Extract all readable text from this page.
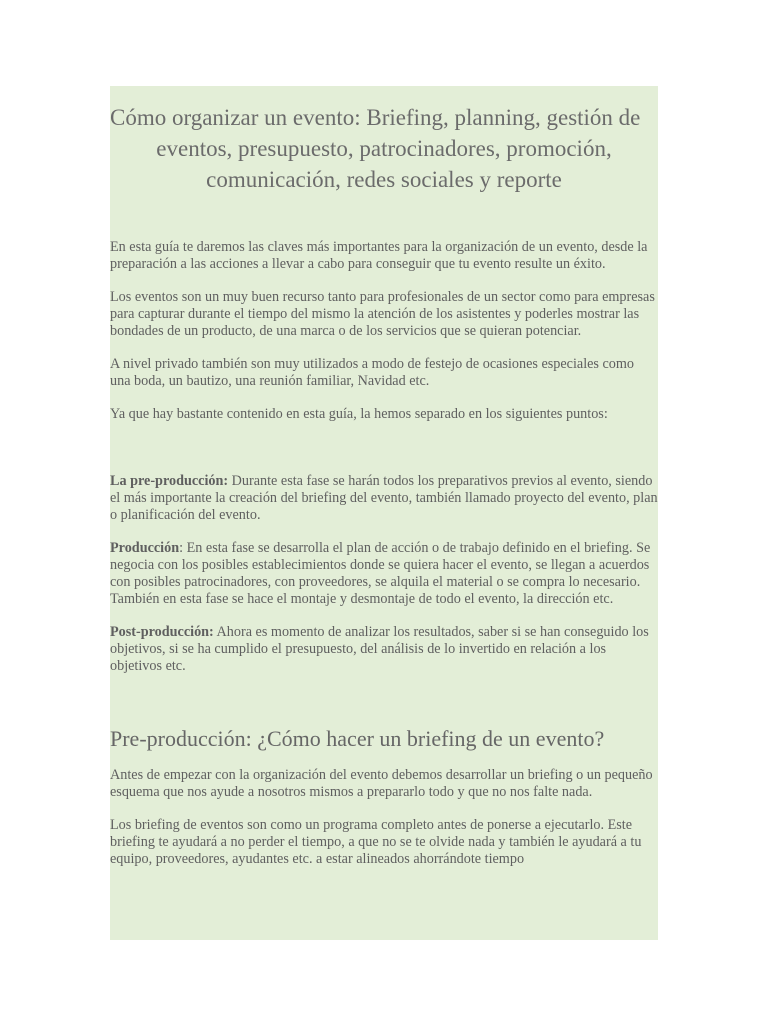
Cómo organizar un evento: Briefing, planning, gestión de
eventos, presupuesto, patrocinadores, promoción,
comunicación, redes sociales y reporte

En esta guía te daremos las claves más importantes para la organización de un evento, desde la preparación a las acciones a llevar a cabo para conseguir que tu evento resulte un éxito.

Los eventos son un muy buen recurso tanto para profesionales de un sector como para empresas para capturar durante el tiempo del mismo la atención de los asistentes y poderles mostrar las bondades de un producto, de una marca o de los servicios que se quieran potenciar.

A nivel privado también son muy utilizados a modo de festejo de ocasiones especiales como una boda, un bautizo, una reunión familiar, Navidad etc.

Ya que hay bastante contenido en esta guía, la hemos separado en los siguientes puntos:

La pre-producción: Durante esta fase se harán todos los preparativos previos al evento, siendo el más importante la creación del briefing del evento, también llamado proyecto del evento, plan o planificación del evento.

Producción: En esta fase se desarrolla el plan de acción o de trabajo definido en el briefing. Se negocia con los posibles establecimientos donde se quiera hacer el evento, se llegan a acuerdos con posibles patrocinadores, con proveedores, se alquila el material o se compra lo necesario. También en esta fase se hace el montaje y desmontaje de todo el evento, la dirección etc.

Post-producción: Ahora es momento de analizar los resultados, saber si se han conseguido los objetivos, si se ha cumplido el presupuesto, del análisis de lo invertido en relación a los objetivos etc.

Pre-producción: ¿Cómo hacer un briefing de un evento?

Antes de empezar con la organización del evento debemos desarrollar un briefing o un pequeño esquema que nos ayude a nosotros mismos a prepararlo todo y que no nos falte nada.

Los briefing de eventos son como un programa completo antes de ponerse a ejecutarlo. Este briefing te ayudará a no perder el tiempo, a que no se te olvide nada y también le ayudará a tu equipo, proveedores, ayudantes etc. a estar alineados ahorrándote tiempo
